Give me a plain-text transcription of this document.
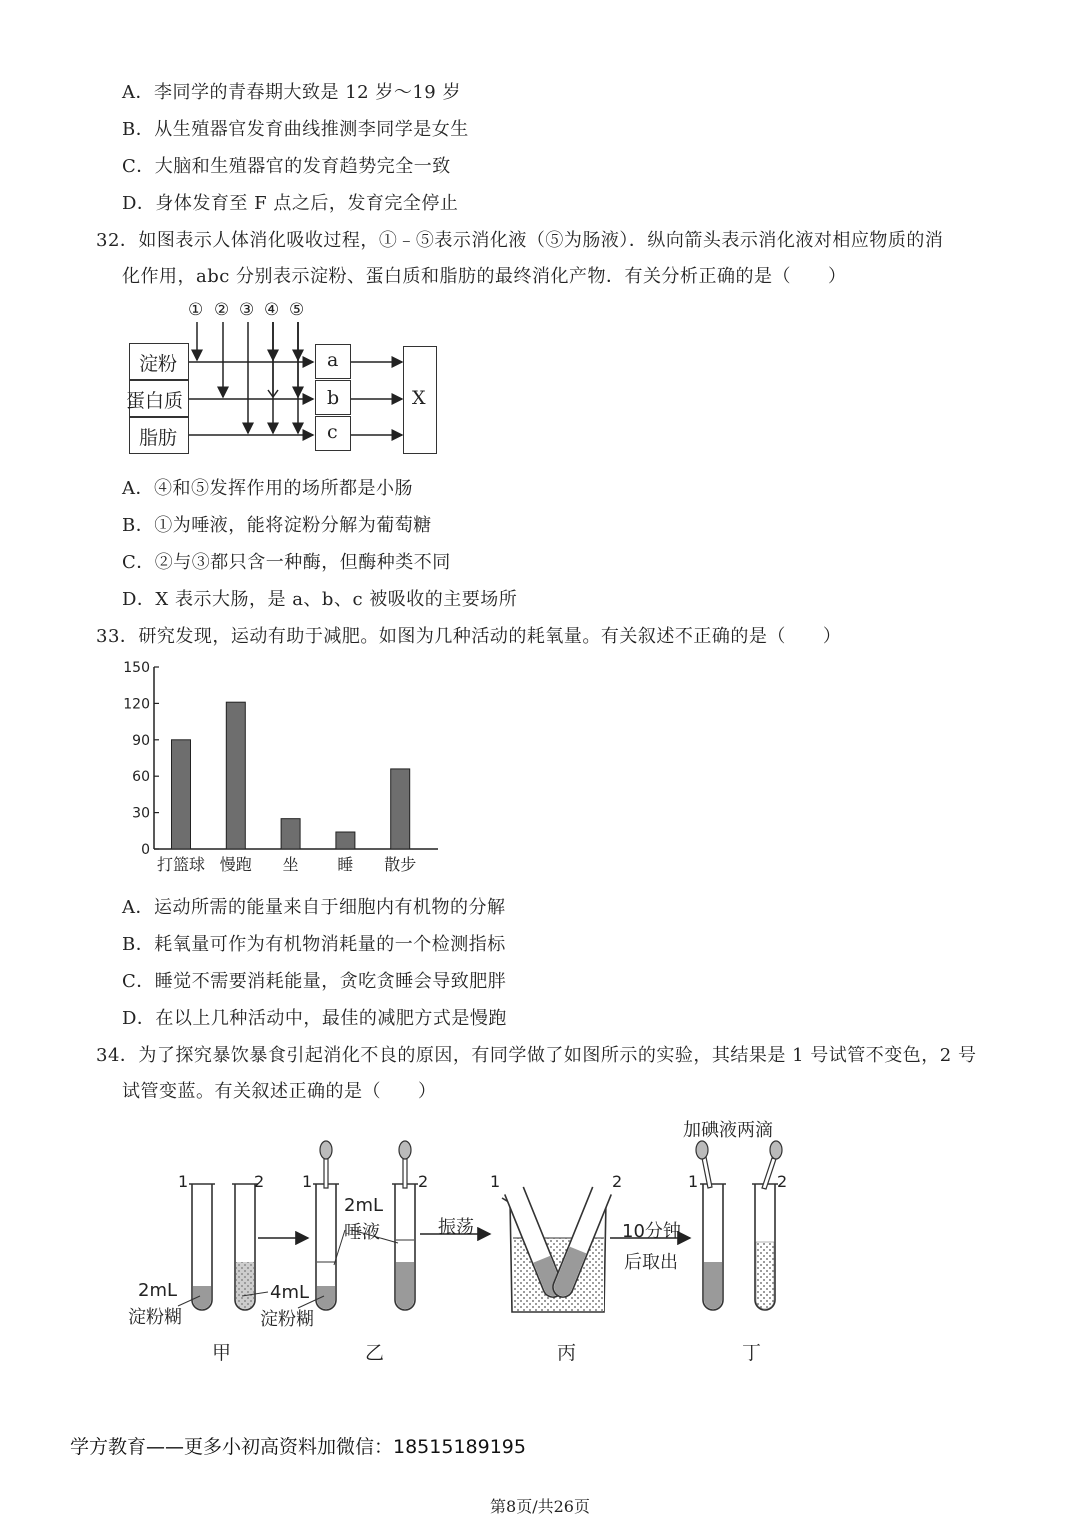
A．李同学的青春期大致是 12 岁～19 岁
B．从生殖器官发育曲线推测李同学是女生
C．大脑和生殖器官的发育趋势完全一致
D．身体发育至 F 点之后，发育完全停止
32．如图表示人体消化吸收过程，①﹣⑤表示消化液（⑤为肠液）．纵向箭头表示消化液对相应物质的消
化作用，abc 分别表示淀粉、蛋白质和脂肪的最终消化产物．有关分析正确的是（　　）
① ② ③ ④ ⑤
淀粉
蛋白质
脂肪
a
b
c
X
A．④和⑤发挥作用的场所都是小肠
B．①为唾液，能将淀粉分解为葡萄糖
C．②与③都只含一种酶，但酶种类不同
D．X 表示大肠，是 a、b、c 被吸收的主要场所
33．研究发现，运动有助于减肥。如图为几种活动的耗氧量。有关叙述不正确的是（　　）
0
30
60
90
120
150
打篮球 慢跑 坐 睡 散步
A．运动所需的能量来自于细胞内有机物的分解
B．耗氧量可作为有机物消耗量的一个检测指标
C．睡觉不需要消耗能量，贪吃贪睡会导致肥胖
D．在以上几种活动中，最佳的减肥方式是慢跑
34．为了探究暴饮暴食引起消化不良的原因，有同学做了如图所示的实验，其结果是 1 号试管不变色，2 号
试管变蓝。有关叙述正确的是（　　）
1	2 1	2	1	2	1	2
2mL
淀粉糊
4mL
淀粉糊
2mL
唾液	振荡	10分钟
后取出
加碘液两滴
甲	乙	丙	丁
学方教育——更多小初高资料加微信：18515189195
第8页/共26页
